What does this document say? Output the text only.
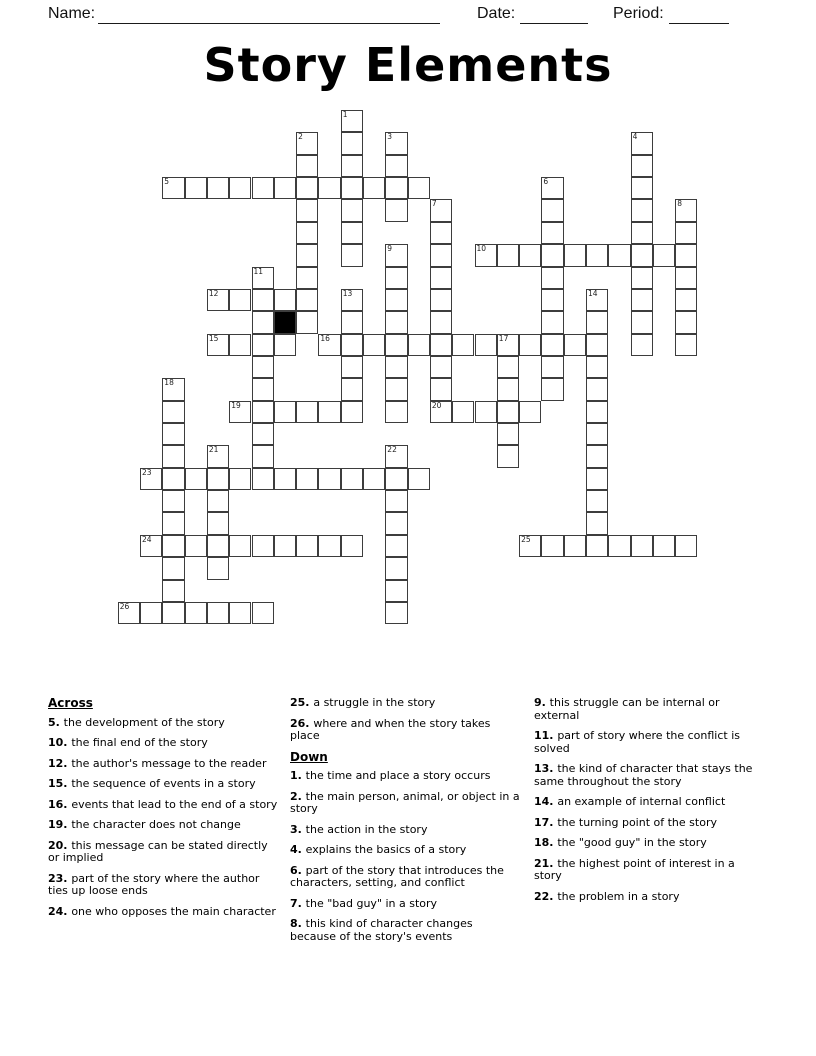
Name:	Date:	Period:
Story Elements
1
2	3	4
5	6
7
20
8
9	10
11
12	13	14
15	16	17
18
19
21	22
23
24	25
26
Across
5. the development of the story
10. the final end of the story
12. the author's message to the reader
15. the sequence of events in a story
16. events that lead to the end of a story
19. the character does not change
20. this message can be stated directly or implied
23. part of the story where the author ties up loose ends
24. one who opposes the main character
25. a struggle in the story
26. where and when the story takes place
Down
1. the time and place a story occurs
2. the main person, animal, or object in a story
3. the action in the story
4. explains the basics of a story
6. part of the story that introduces the characters, setting, and conflict
7. the "bad guy" in a story
8. this kind of character changes because of the story's events
9. this struggle can be internal or external
11. part of story where the conflict is solved
13. the kind of character that stays the same throughout the story
14. an example of internal conflict
17. the turning point of the story
18. the "good guy" in the story
21. the highest point of interest in a story
22. the problem in a story
